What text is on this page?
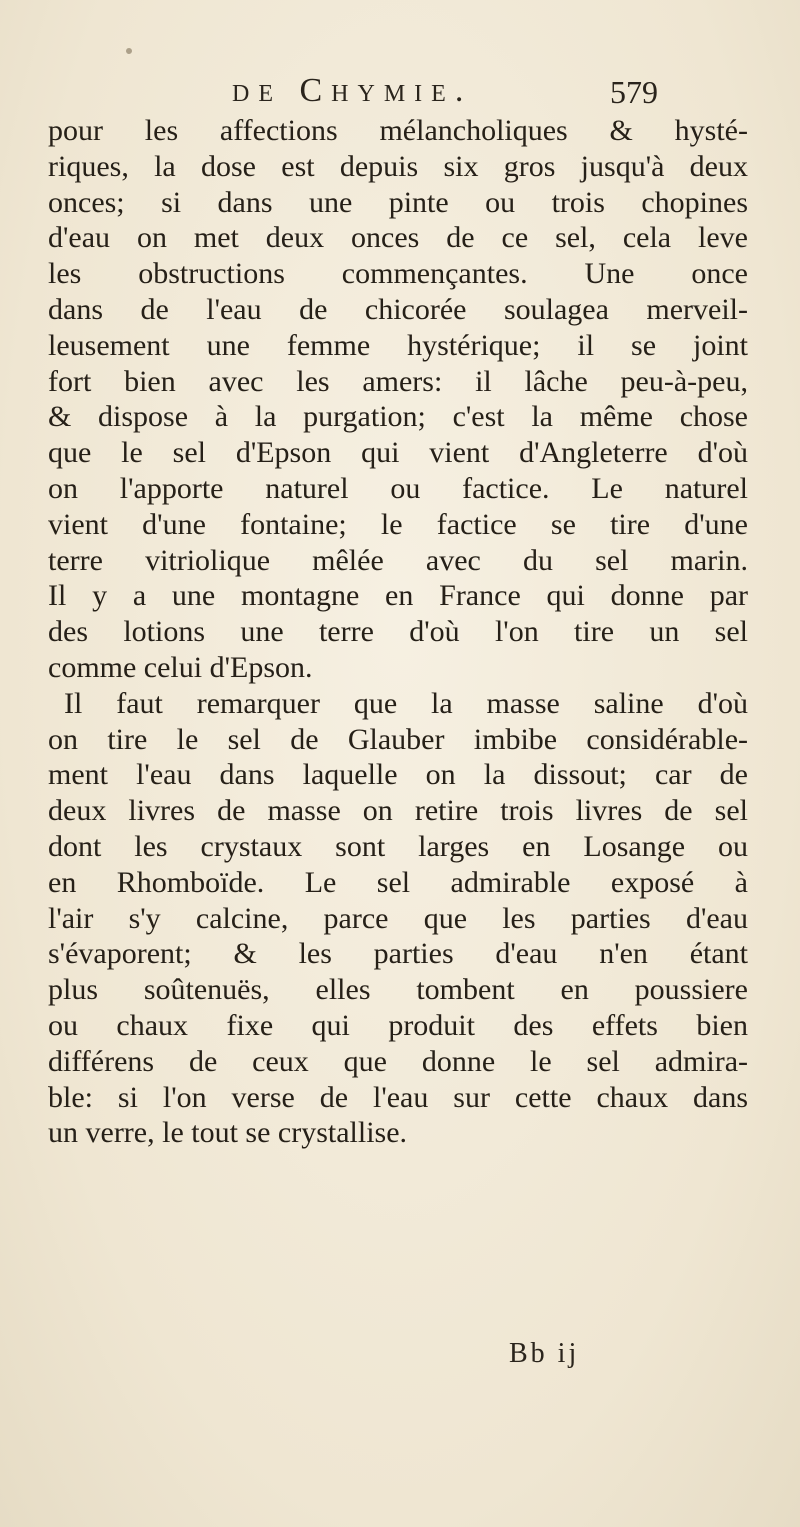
de Chymie.	579
pour les affections mélancholiques & hysté-
riques, la dose est depuis six gros jusqu'à deux
onces; si dans une pinte ou trois chopines
d'eau on met deux onces de ce sel, cela leve
les obstructions commençantes. Une once
dans de l'eau de chicorée soulagea merveil-
leusement une femme hystérique; il se joint
fort bien avec les amers: il lâche peu-à-peu,
& dispose à la purgation; c'est la même chose
que le sel d'Epson qui vient d'Angleterre d'où
on l'apporte naturel ou factice. Le naturel
vient d'une fontaine; le factice se tire d'une
terre vitriolique mêlée avec du sel marin.
Il y a une montagne en France qui donne par
des lotions une terre d'où l'on tire un sel
comme celui d'Epson.
Il faut remarquer que la masse saline d'où
on tire le sel de Glauber imbibe considérable-
ment l'eau dans laquelle on la dissout; car de
deux livres de masse on retire trois livres de sel
dont les crystaux sont larges en Losange ou
en Rhomboïde. Le sel admirable exposé à
l'air s'y calcine, parce que les parties d'eau
s'évaporent; & les parties d'eau n'en étant
plus soûtenuës, elles tombent en poussiere
ou chaux fixe qui produit des effets bien
différens de ceux que donne le sel admira-
ble: si l'on verse de l'eau sur cette chaux dans
un verre, le tout se crystallise.
Bb ij
